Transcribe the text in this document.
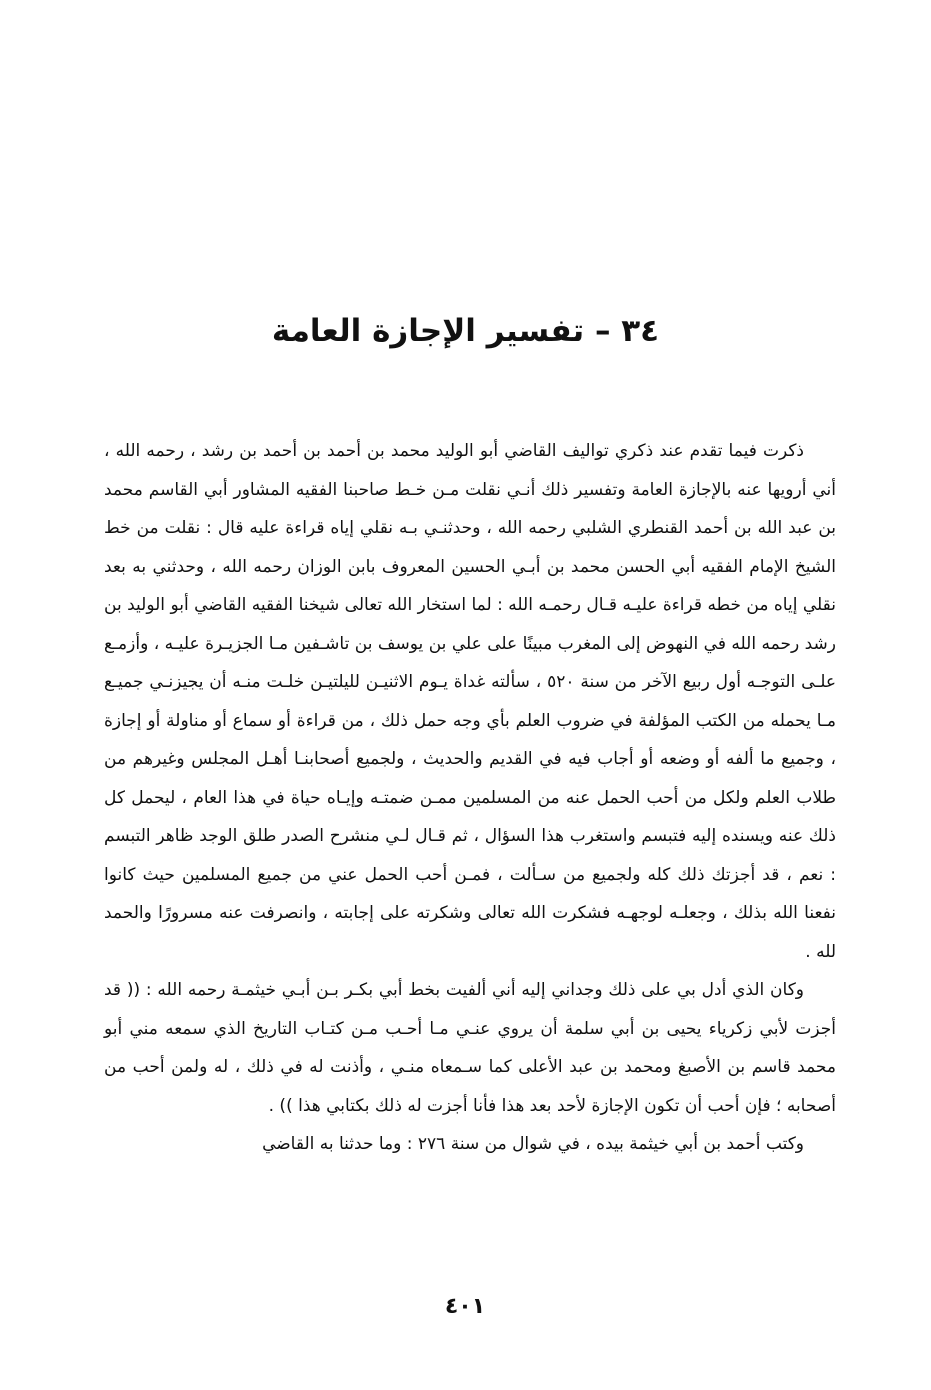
٣٤ – تفسير الإجازة العامة

ذكرت فيما تقدم عند ذكري تواليف القاضي أبو الوليد محمد بن أحمد بن أحمد بن رشد ، رحمه الله ، أني أرويها عنه بالإجازة العامة وتفسير ذلك أنـي نقلت مـن خـط صاحبنا الفقيه المشاور أبي القاسم محمد بن عبد الله بن أحمد القنطري الشلبي رحمه الله ، وحدثنـي بـه نقلي إياه قراءة عليه قال : نقلت من خط الشيخ الإمام الفقيه أبي الحسن محمد بن أبـي الحسين المعروف بابن الوزان رحمه الله ، وحدثني به بعد نقلي إياه من خطه قراءة عليـه قـال رحمـه الله : لما استخار الله تعالى شيخنا الفقيه القاضي أبو الوليد بن رشد رحمه الله في النهوض إلى المغرب مبينًا على علي بن يوسف بن تاشـفين مـا الجزيـرة عليـه ، وأزمـع علـى التوجـه أول ربيع الآخر من سنة ٥٢٠ ، سألته غداة يـوم الاثنيـن لليلتيـن خلـت منـه أن يجيزنـي جميـع مـا يحمله من الكتب المؤلفة في ضروب العلم بأي وجه حمل ذلك ، من قراءة أو سماع أو مناولة أو إجازة ، وجميع ما ألفه أو وضعه أو أجاب فيه في القديم والحديث ، ولجميع أصحابنـا أهـل المجلس وغيرهم من طلاب العلم ولكل من أحب الحمل عنه من المسلمين ممـن ضمتـه وإيـاه حياة في هذا العام ، ليحمل كل ذلك عنه ويسنده إليه فتبسم واستغرب هذا السؤال ، ثم قـال لـي منشرح الصدر طلق الوجد ظاهر التبسم : نعم ، قد أجزتك ذلك كله ولجميع من سـألت ، فمـن أحب الحمل عني من جميع المسلمين حيث كانوا نفعنا الله بذلك ، وجعلـه لوجهـه فشكرت الله تعالى وشكرته على إجابته ، وانصرفت عنه مسرورًا والحمد لله .

وكان الذي أدل بي على ذلك وجداني إليه أني ألفيت بخط أبي بكـر بـن أبـي خيثمـة رحمه الله : (( قد أجزت لأبي زكرياء يحيى بن أبي سلمة أن يروي عنـي مـا أحـب مـن كتـاب التاريخ الذي سمعه مني أبو محمد قاسم بن الأصبغ ومحمد بن عبد الأعلى كما سـمعاه منـي ، وأذنت له في ذلك ، له ولمن أحب من أصحابه ؛ فإن أحب أن تكون الإجازة لأحد بعد هذا فأنا أجزت له ذلك بكتابي هذا )) .

وكتب أحمد بن أبي خيثمة بيده ، في شوال من سنة ٢٧٦ : وما حدثنا به القاضي

٤٠١
